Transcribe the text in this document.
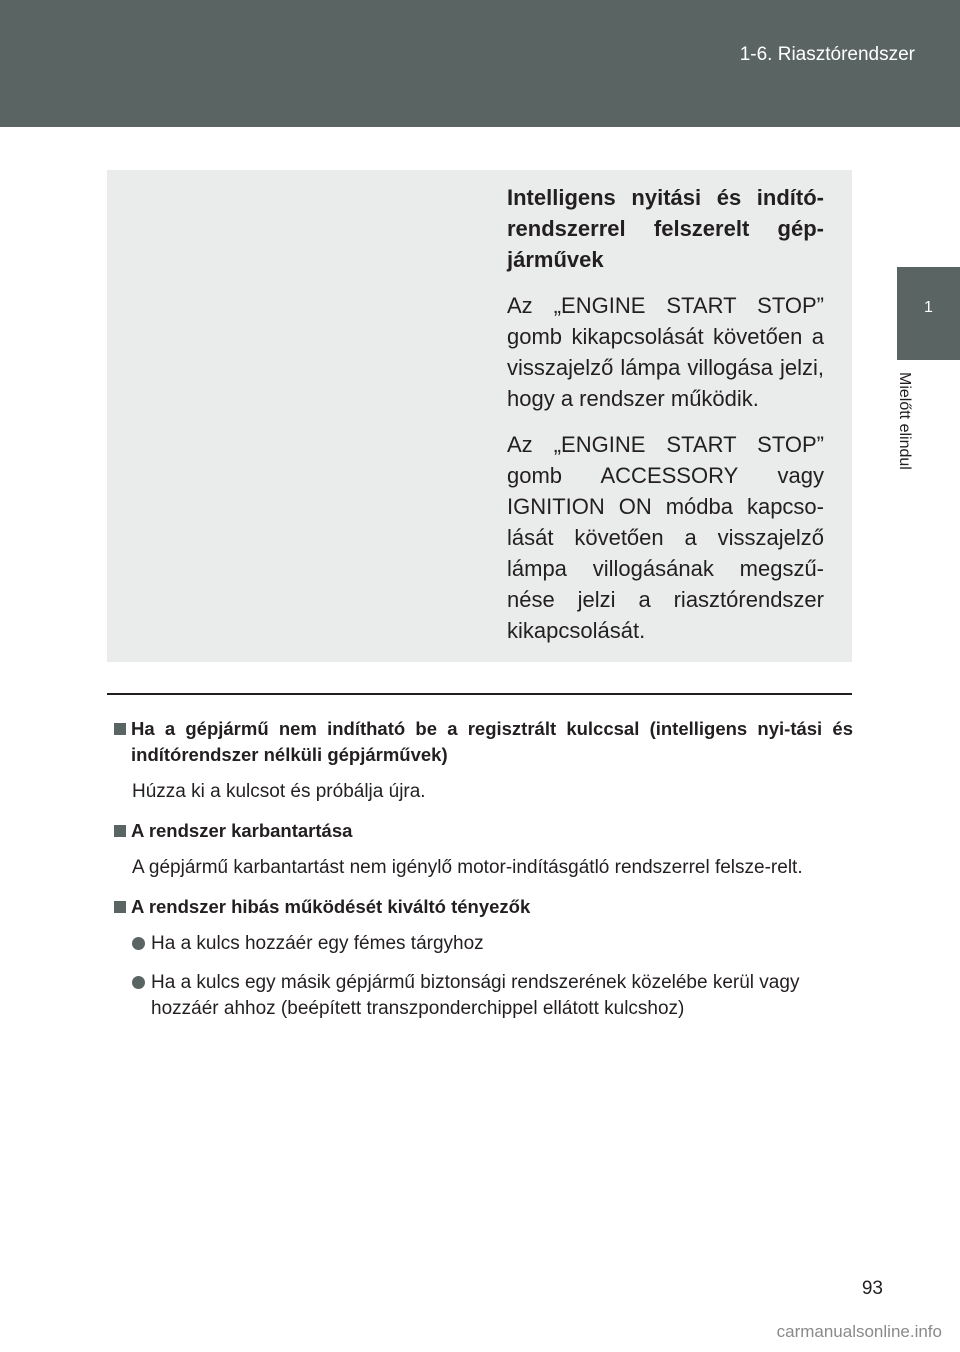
1-6. Riasztórendszer
1
Mielőtt elindul

Intelligens nyitási és indító-rendszerrel felszerelt gép-járművek

Az „ENGINE START STOP” gomb kikapcsolását követően a visszajelző lámpa villogása jelzi, hogy a rendszer működik.

Az „ENGINE START STOP” gomb ACCESSORY vagy IGNITION ON módba kapcso-lását követően a visszajelző lámpa villogásának megszű-nése jelzi a riasztórendszer kikapcsolását.

Ha a gépjármű nem indítható be a regisztrált kulccsal (intelligens nyi-tási és indítórendszer nélküli gépjárművek)
Húzza ki a kulcsot és próbálja újra.
A rendszer karbantartása
A gépjármű karbantartást nem igénylő motor-indításgátló rendszerrel felsze-relt.
A rendszer hibás működését kiváltó tényezők
Ha a kulcs hozzáér egy fémes tárgyhoz
Ha a kulcs egy másik gépjármű biztonsági rendszerének közelébe kerül vagy hozzáér ahhoz (beépített transzponderchippel ellátott kulcshoz)
93
carmanualsonline.info
